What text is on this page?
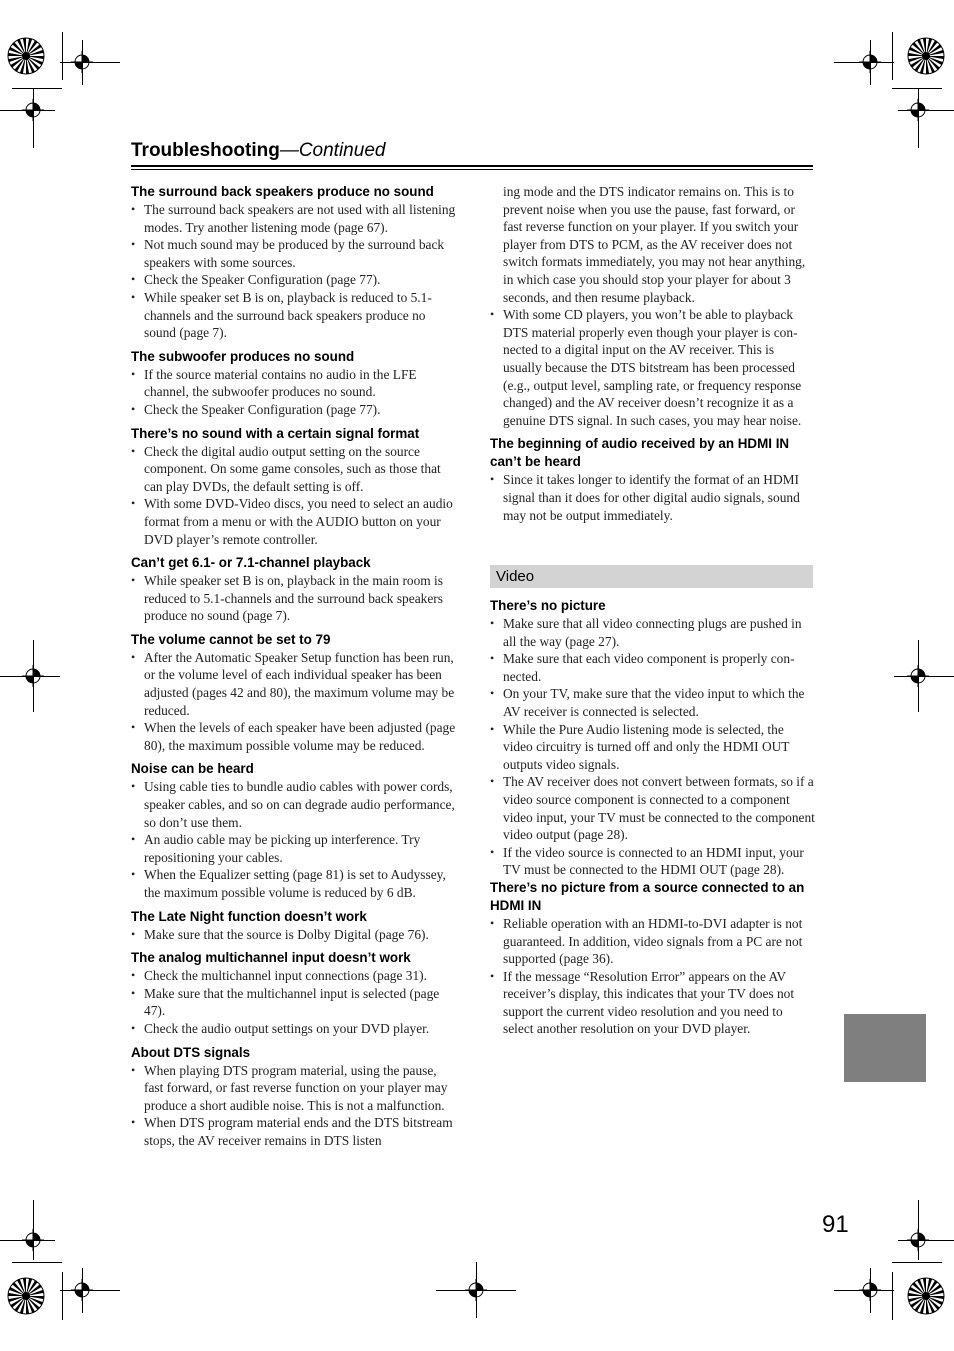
Troubleshooting—Continued
The surround back speakers produce no sound
• The surround back speakers are not used with all listening modes. Try another listening mode (page 67).
• Not much sound may be produced by the surround back speakers with some sources.
• Check the Speaker Configuration (page 77).
• While speaker set B is on, playback is reduced to 5.1-channels and the surround back speakers produce no sound (page 7).
The subwoofer produces no sound
• If the source material contains no audio in the LFE channel, the subwoofer produces no sound.
• Check the Speaker Configuration (page 77).
There’s no sound with a certain signal format
• Check the digital audio output setting on the source component. On some game consoles, such as those that can play DVDs, the default setting is off.
• With some DVD-Video discs, you need to select an audio format from a menu or with the AUDIO button on your DVD player’s remote controller.
Can’t get 6.1- or 7.1-channel playback
• While speaker set B is on, playback in the main room is reduced to 5.1-channels and the surround back speakers produce no sound (page 7).
The volume cannot be set to 79
• After the Automatic Speaker Setup function has been run, or the volume level of each individual speaker has been adjusted (pages 42 and 80), the maximum volume may be reduced.
• When the levels of each speaker have been adjusted (page 80), the maximum possible volume may be reduced.
Noise can be heard
• Using cable ties to bundle audio cables with power cords, speaker cables, and so on can degrade audio performance, so don’t use them.
• An audio cable may be picking up interference. Try repositioning your cables.
• When the Equalizer setting (page 81) is set to Audyssey, the maximum possible volume is reduced by 6 dB.
The Late Night function doesn’t work
• Make sure that the source is Dolby Digital (page 76).
The analog multichannel input doesn’t work
• Check the multichannel input connections (page 31).
• Make sure that the multichannel input is selected (page 47).
• Check the audio output settings on your DVD player.
About DTS signals
• When playing DTS program material, using the pause, fast forward, or fast reverse function on your player may produce a short audible noise. This is not a malfunction.
• When DTS program material ends and the DTS bitstream stops, the AV receiver remains in DTS listen

ing mode and the DTS indicator remains on. This is to prevent noise when you use the pause, fast forward, or fast reverse function on your player. If you switch your player from DTS to PCM, as the AV receiver does not switch formats immediately, you may not hear anything, in which case you should stop your player for about 3 seconds, and then resume playback.

• With some CD players, you won’t be able to playback DTS material properly even though your player is connected to a digital input on the AV receiver. This is usually because the DTS bitstream has been processed (e.g., output level, sampling rate, or frequency response changed) and the AV receiver doesn’t recognize it as a genuine DTS signal. In such cases, you may hear noise.
The beginning of audio received by an HDMI IN can’t be heard
• Since it takes longer to identify the format of an HDMI signal than it does for other digital audio signals, sound may not be output immediately.
Video
There’s no picture
• Make sure that all video connecting plugs are pushed in all the way (page 27).
• Make sure that each video component is properly connected.
• On your TV, make sure that the video input to which the AV receiver is connected is selected.
• While the Pure Audio listening mode is selected, the video circuitry is turned off and only the HDMI OUT outputs video signals.
• The AV receiver does not convert between formats, so if a video source component is connected to a component video input, your TV must be connected to the component video output (page 28).
• If the video source is connected to an HDMI input, your TV must be connected to the HDMI OUT (page 28).
There’s no picture from a source connected to an HDMI IN
• Reliable operation with an HDMI-to-DVI adapter is not guaranteed. In addition, video signals from a PC are not supported (page 36).
• If the message “Resolution Error” appears on the AV receiver’s display, this indicates that your TV does not support the current video resolution and you need to select another resolution on your DVD player.
91
